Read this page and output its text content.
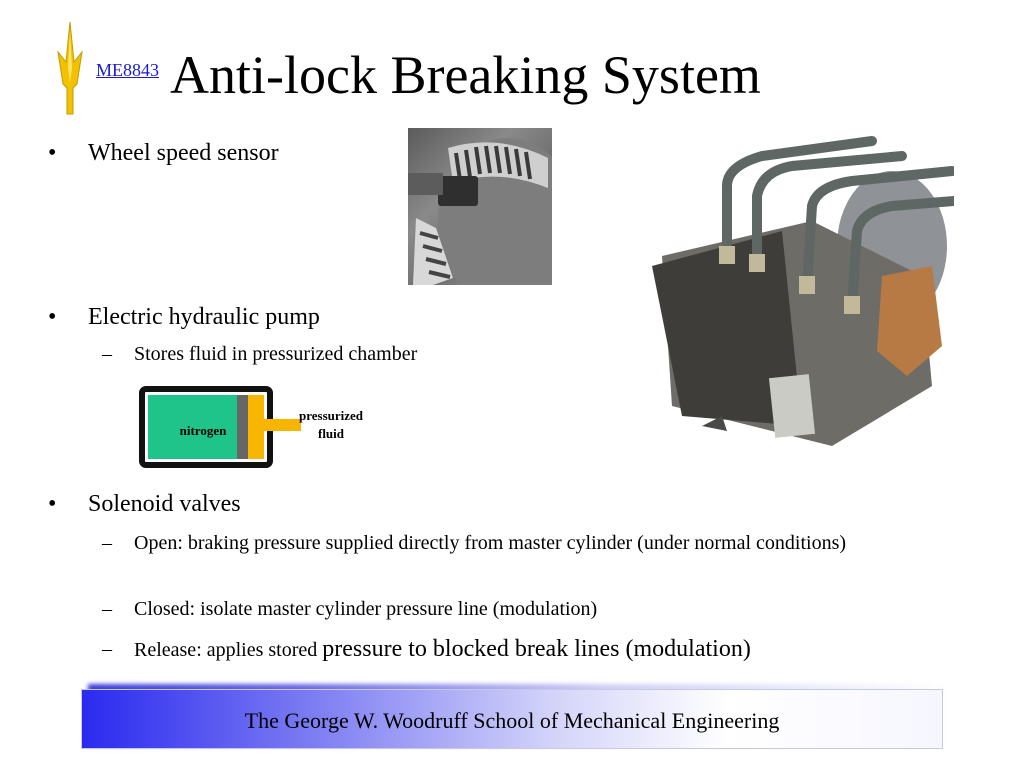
ME8843 Anti-lock Breaking System
• Wheel speed sensor
• Electric hydraulic pump
– Stores fluid in pressurized chamber
nitrogen
pressurized
fluid
• Solenoid valves
– Open: braking pressure supplied directly from master cylinder (under normal conditions)
– Closed: isolate master cylinder pressure line (modulation)
– Release: applies stored pressure to blocked break lines (modulation)
The George W. Woodruff School of Mechanical Engineering
